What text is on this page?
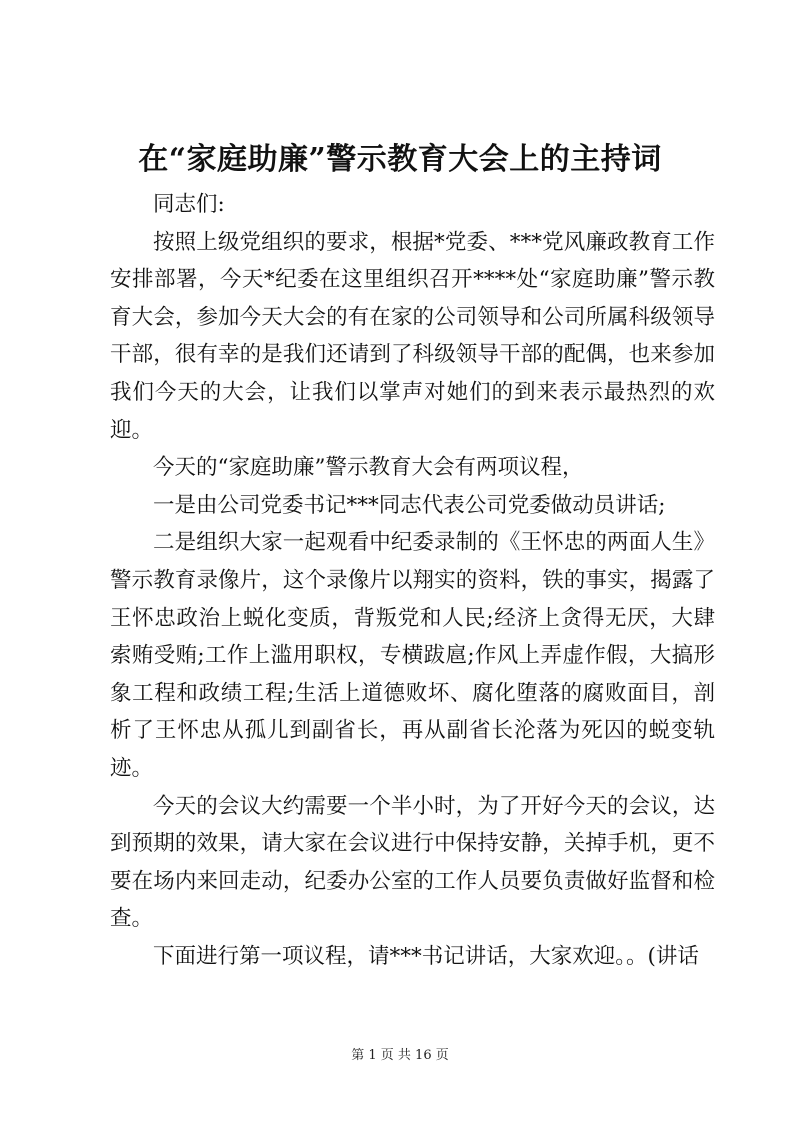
在“家庭助廉”警示教育大会上的主持词

同志们:

按照上级党组织的要求，根据*党委、***党风廉政教育工作安排部署，今天*纪委在这里组织召开****处“家庭助廉”警示教育大会，参加今天大会的有在家的公司领导和公司所属科级领导干部，很有幸的是我们还请到了科级领导干部的配偶，也来参加我们今天的大会，让我们以掌声对她们的到来表示最热烈的欢迎。

今天的“家庭助廉”警示教育大会有两项议程，

一是由公司党委书记***同志代表公司党委做动员讲话;

二是组织大家一起观看中纪委录制的《王怀忠的两面人生》警示教育录像片，这个录像片以翔实的资料，铁的事实，揭露了王怀忠政治上蜕化变质，背叛党和人民;经济上贪得无厌，大肆索贿受贿;工作上滥用职权，专横跋扈;作风上弄虚作假，大搞形象工程和政绩工程;生活上道德败坏、腐化堕落的腐败面目，剖析了王怀忠从孤儿到副省长，再从副省长沦落为死囚的蜕变轨迹。

今天的会议大约需要一个半小时，为了开好今天的会议，达到预期的效果，请大家在会议进行中保持安静，关掉手机，更不要在场内来回走动，纪委办公室的工作人员要负责做好监督和检查。

下面进行第一项议程，请***书记讲话，大家欢迎。。(讲话

第 1 页 共 16 页
